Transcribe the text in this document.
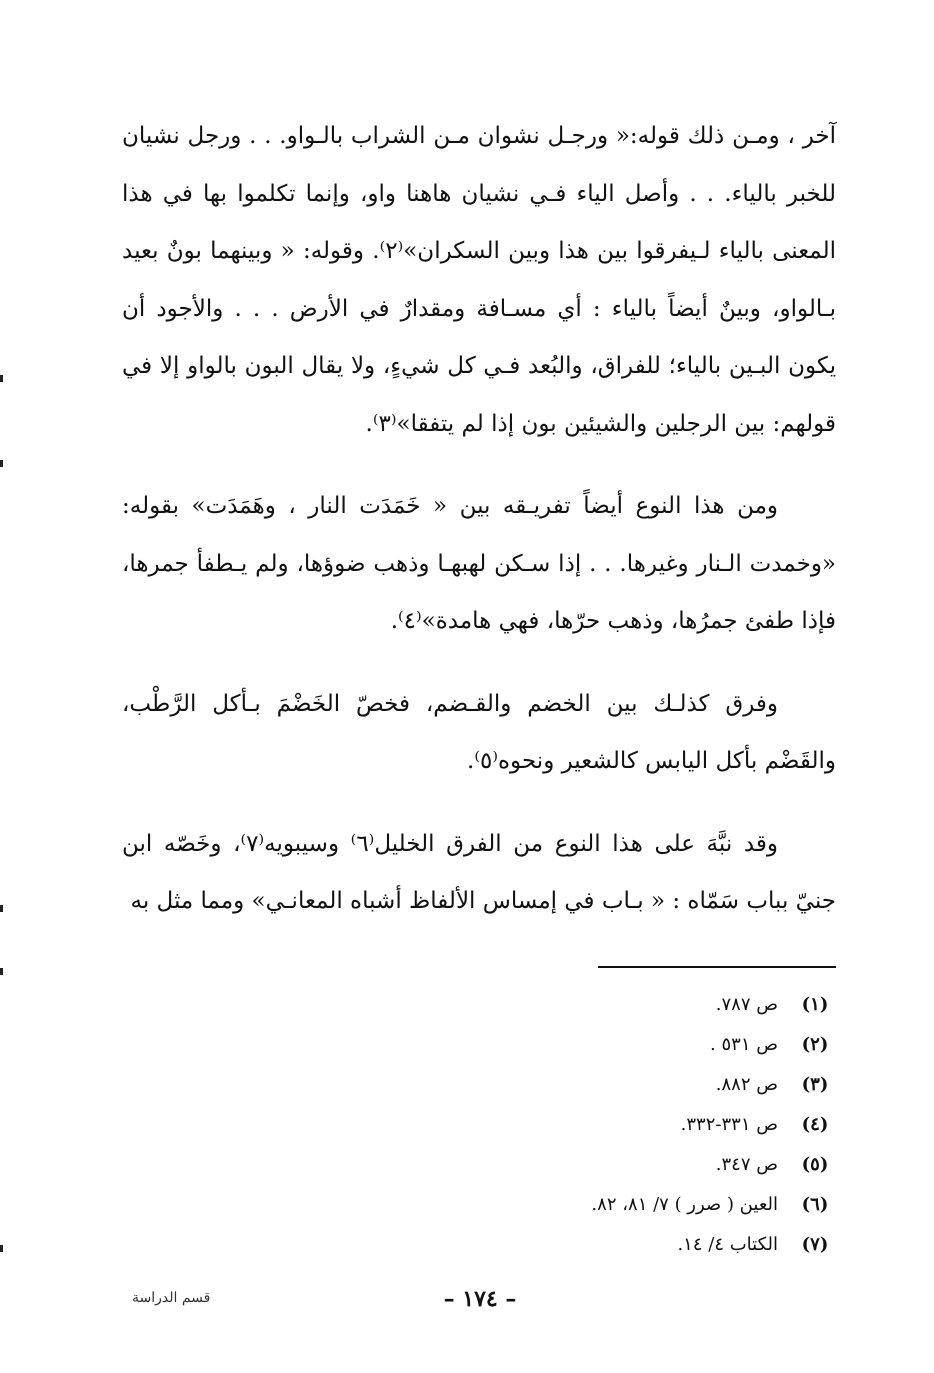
آخر ، ومـن ذلك قوله:« ورجـل نشوان مـن الشراب بالـواو. . . ورجل نشيان للخبر بالياء. . . وأصل الياء فـي نشيان هاهنا واو، وإنما تكلموا بها في هذا المعنى بالياء لـيفرقوا بين هذا وبين السكران»⁽٢⁾. وقوله: « وبينهما بونٌ بعيد بـالواو، وبينٌ أيضاً بالياء : أي مسـافة ومقدارٌ في الأرض . . . والأجود أن يكون البـين بالياء؛ للفراق، والبُعد فـي كل شيءٍ، ولا يقال البون بالواو إلا في قولهم: بين الرجلين والشيئين بون إذا لم يتفقا»⁽٣⁾.

ومن هذا النوع أيضاً تفريـقه بين « خَمَدَت النار ، وهَمَدَت» بقوله: «وخمدت الـنار وغيرها. . . إذا سـكن لهبهـا وذهب ضوؤها، ولم يـطفأ جمرها، فإذا طفئ جمرُها، وذهب حرّها، فهي هامدة»⁽٤⁾.

وفرق كذلـك بين الخضم والقـضم، فخصّ الخَضْمَ بـأكل الرَّطْب، والقَضْم بأكل اليابس كالشعير ونحوه⁽٥⁾.

وقد نبَّهَ على هذا النوع من الفرق الخليل⁽٦⁾ وسيبويه⁽٧⁾، وخَصّه ابن جنيّ بباب سَمّاه : « بـاب في إمساس الألفاظ أشباه المعانـي» ومما مثل به

(١)
ص ٧٨٧.
(٢)
ص ٥٣١ .
(٣)
ص ٨٨٢.
(٤)
ص ٣٣١-٣٣٢.
(٥)
ص ٣٤٧.
(٦)
العين ( صرر ) ٧/ ٨١، ٨٢.
(٧)
الكتاب ٤/ ١٤.
– ١٧٤ –
قسم الدراسة
